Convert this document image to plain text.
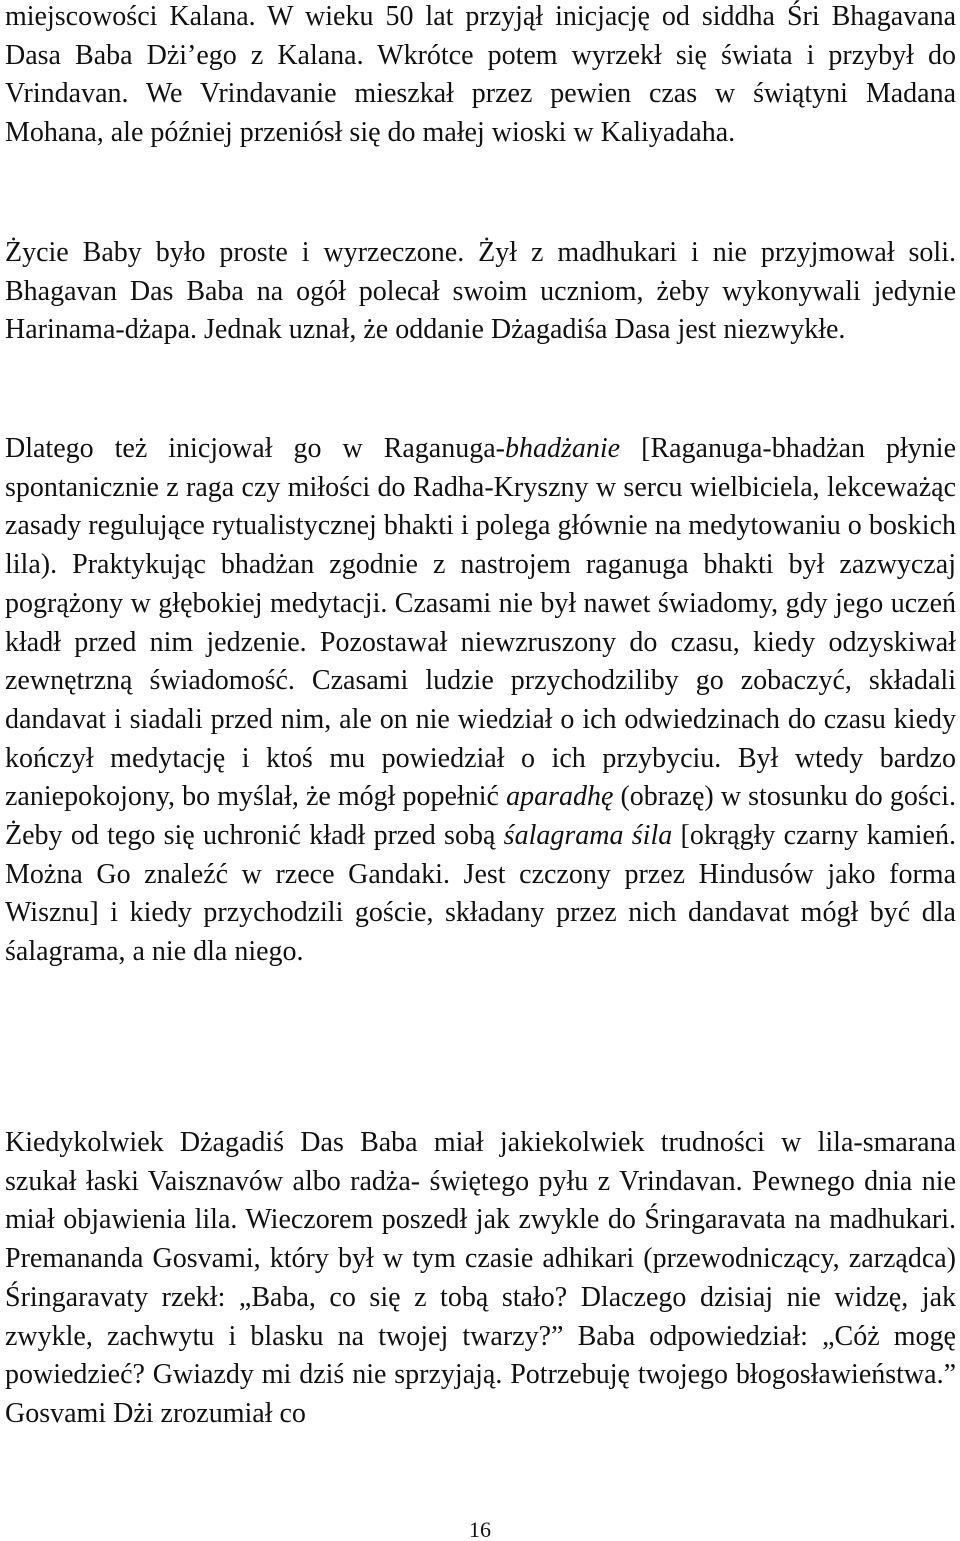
miejscowości Kalana. W wieku 50 lat przyjął inicjację od siddha Śri Bhagavana Dasa Baba Dżi’ego z Kalana. Wkrótce potem wyrzekł się świata i przybył do Vrindavan. We Vrindavanie mieszkał przez pewien czas w świątyni Madana Mohana, ale później przeniósł się do małej wioski w Kaliyadaha.

Życie Baby było proste i wyrzeczone. Żył z madhukari i nie przyjmował soli. Bhagavan Das Baba na ogół polecał swoim uczniom, żeby wykonywali jedynie Harinama-dżapa. Jednak uznał, że oddanie Dżagadiśa Dasa jest niezwykłe.

Dlatego też inicjował go w Raganuga-bhadżanie [Raganuga-bhadżan płynie spontanicznie z raga czy miłości do Radha-Kryszny w sercu wielbiciela, lekceważąc zasady regulujące rytualistycznej bhakti i polega głównie na medytowaniu o boskich lila). Praktykując bhadżan zgodnie z nastrojem raganuga bhakti był zazwyczaj pogrążony w głębokiej medytacji. Czasami nie był nawet świadomy, gdy jego uczeń kładł przed nim jedzenie. Pozostawał niewzruszony do czasu, kiedy odzyskiwał zewnętrzną świadomość. Czasami ludzie przychodziliby go zobaczyć, składali dandavat i siadali przed nim, ale on nie wiedział o ich odwiedzinach do czasu kiedy kończył medytację i ktoś mu powiedział o ich przybyciu. Był wtedy bardzo zaniepokojony, bo myślał, że mógł popełnić aparadhę (obrazę) w stosunku do gości. Żeby od tego się uchronić kładł przed sobą śalagrama śila [okrągły czarny kamień. Można Go znaleźć w rzece Gandaki. Jest czczony przez Hindusów jako forma Wisznu] i kiedy przychodzili goście, składany przez nich dandavat mógł być dla śalagrama, a nie dla niego.

Kiedykolwiek Dżagadiś Das Baba miał jakiekolwiek trudności w lila-smarana szukał łaski Vaisznavów albo radża- świętego pyłu z Vrindavan. Pewnego dnia nie miał objawienia lila. Wieczorem poszedł jak zwykle do Śringaravata na madhukari. Premananda Gosvami, który był w tym czasie adhikari (przewodniczący, zarządca) Śringaravaty rzekł: „Baba, co się z tobą stało? Dlaczego dzisiaj nie widzę, jak zwykle, zachwytu i blasku na twojej twarzy?” Baba odpowiedział: „Cóż mogę powiedzieć? Gwiazdy mi dziś nie sprzyjają. Potrzebuję twojego błogosławieństwa.” Gosvami Dżi zrozumiał co

16
